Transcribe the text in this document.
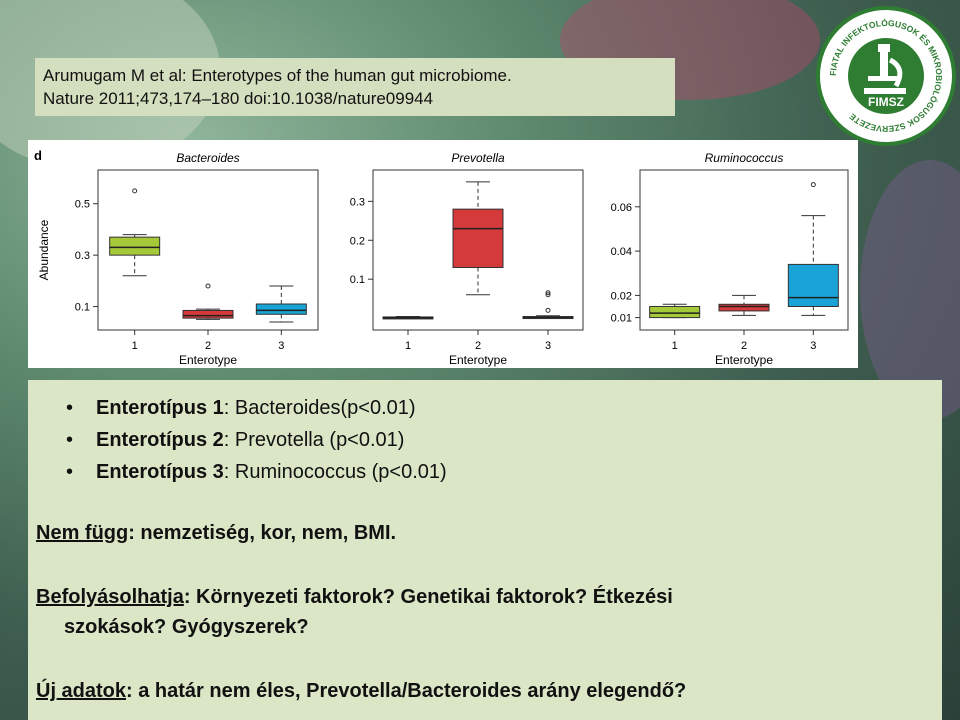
Arumugam M et al: Enterotypes of the human gut microbiome.
Nature 2011;473,174–180 doi:10.1038/nature09944
FIATAL INFEKTOLÓGUSOK ÉS MIKROBIOLÓGUSOK SZERVEZETE
FIMSZ
d
Abundance
Bacteroides
0.1
0.3
0.5
1	2	3
Enterotype
Prevotella
0.1
0.2
0.3
1	2	3
Enterotype
Ruminococcus
0.01
0.02
0.04
0.06
1	2	3
Enterotype
• Enterotípus 1: Bacteroides(p<0.01)
• Enterotípus 2: Prevotella (p<0.01)
• Enterotípus 3: Ruminococcus (p<0.01)
Nem függ: nemzetiség, kor, nem, BMI.
Befolyásolhatja: Környezeti faktorok? Genetikai faktorok? Étkezési
szokások? Gyógyszerek?
Új adatok: a határ nem éles, Prevotella/Bacteroides arány elegendő?
